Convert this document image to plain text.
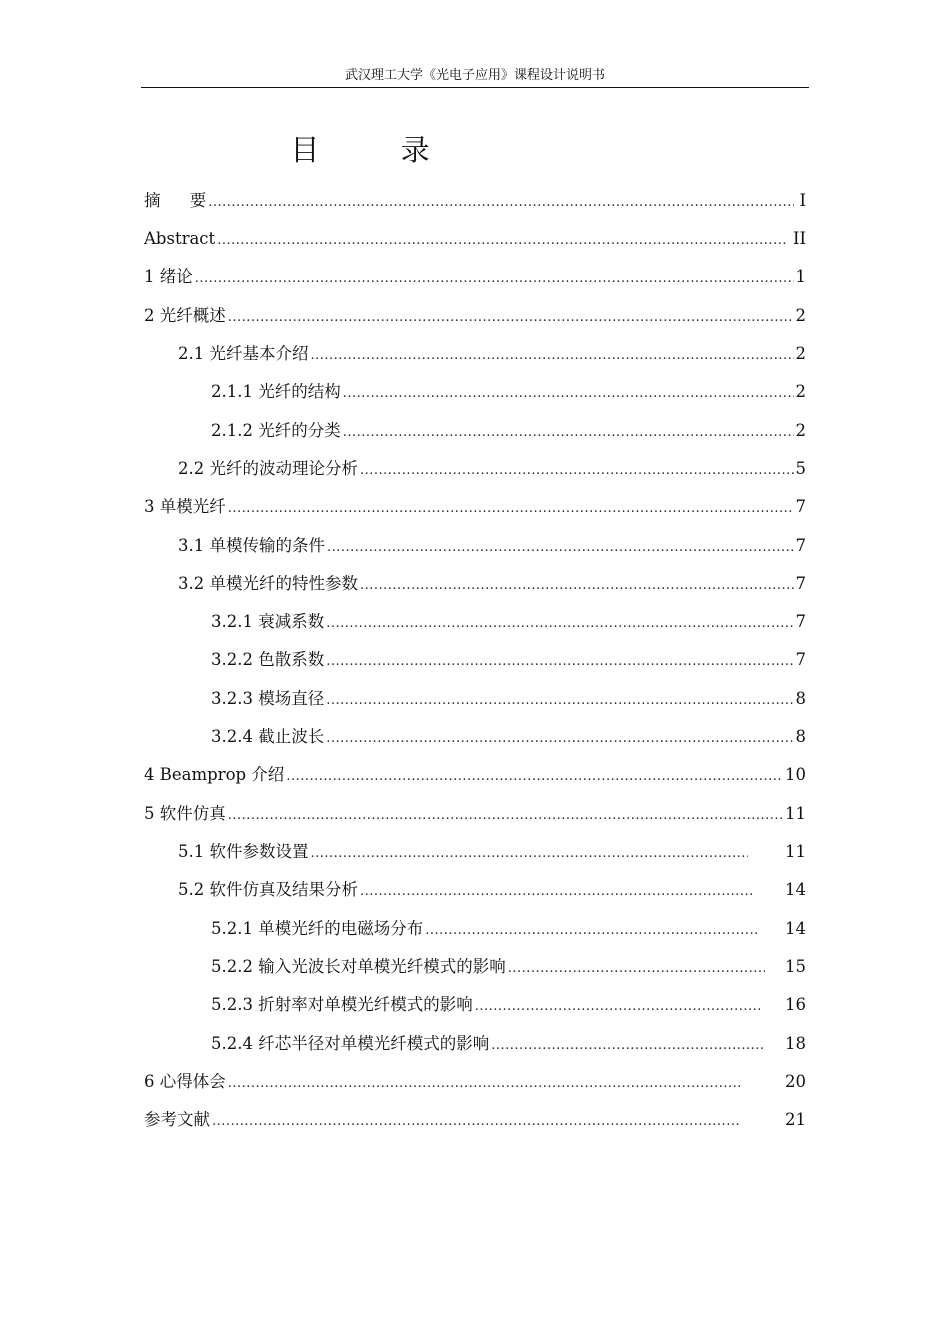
武汉理工大学《光电子应用》课程设计说明书
目 录
摘 要 .....	I
Abstract .....	II
1 绪论 .....	1
2 光纤概述 .....	2
2.1 光纤基本介绍 .....	2
2.1.1 光纤的结构 .....	2
2.1.2 光纤的分类 .....	2
2.2 光纤的波动理论分析 .....	5
3 单模光纤 .....	7
3.1 单模传输的条件 .....	7
3.2 单模光纤的特性参数 .....	7
3.2.1 衰减系数 .....	7
3.2.2 色散系数 .....	7
3.2.3 模场直径 .....	8
3.2.4 截止波长 .....	8
4 Beamprop 介绍 .....	10
5 软件仿真 .....	11
5.1 软件参数设置 .....	11
5.2 软件仿真及结果分析 .....	14
5.2.1 单模光纤的电磁场分布 .....	14
5.2.2 输入光波长对单模光纤模式的影响 .....	15
5.2.3 折射率对单模光纤模式的影响 .....	16
5.2.4 纤芯半径对单模光纤模式的影响 .....	18
6 心得体会 .....	20
参考文献 .....	21
